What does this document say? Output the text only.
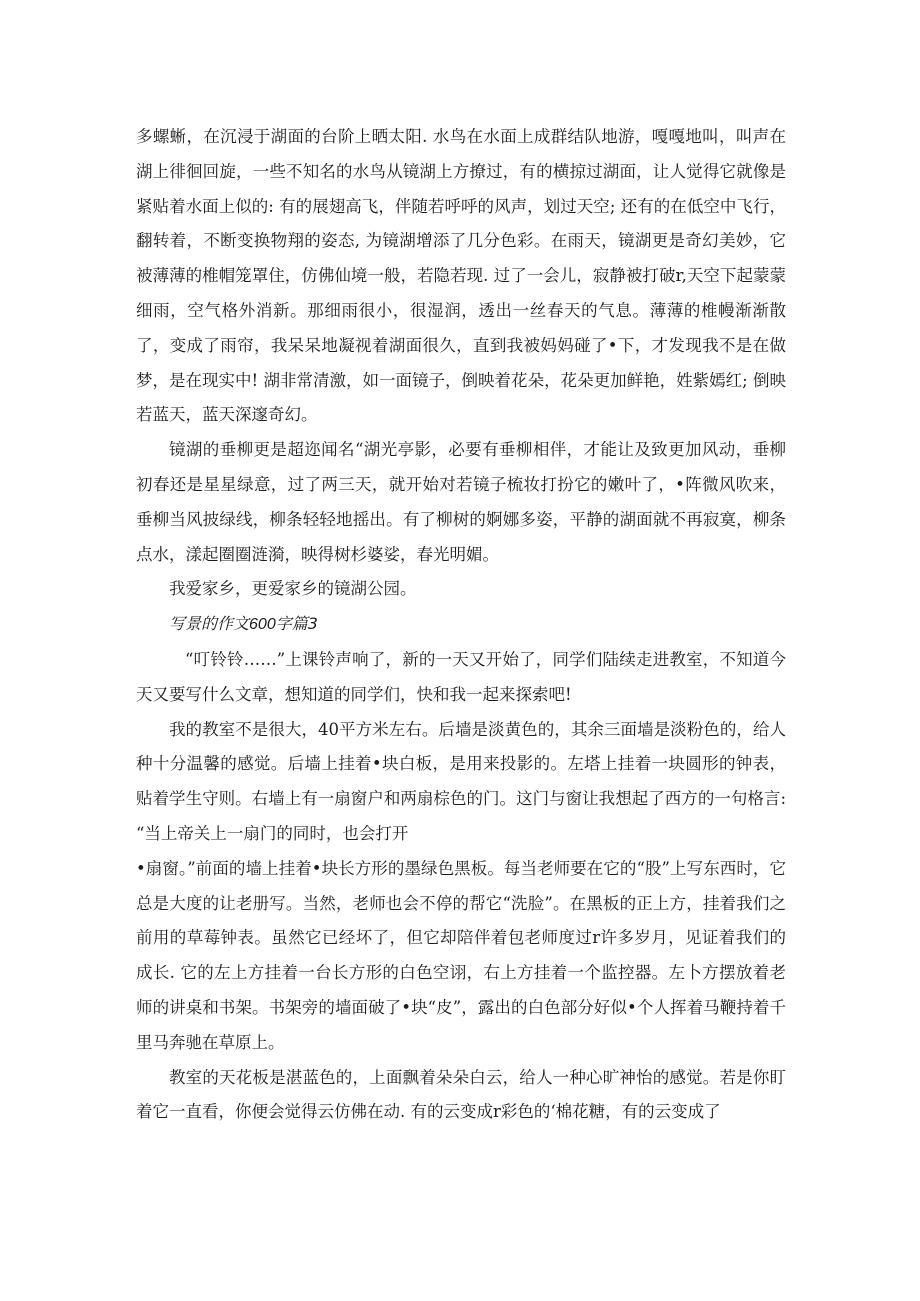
多螺蜥，在沉浸于湖面的台阶上晒太阳. 水鸟在水面上成群结队地游，嘎嘎地叫，叫声在湖上徘徊回旋，一些不知名的水鸟从镜湖上方撩过，有的横掠过湖面，让人觉得它就像是紧贴着水面上似的: 有的展翅高飞，伴随若呼呼的风声，划过天空; 还有的在低空中飞行，翻转着，不断变换物翔的姿态, 为镜湖增添了几分色彩。在雨天，镜湖更是奇幻美妙，它被薄薄的椎帽笼罩住，仿佛仙境一般，若隐若现. 过了一会儿，寂静被打破r,天空下起蒙蒙细雨，空气格外消新。那细雨很小，很湿润，透出一丝春天的气息。薄薄的椎幔渐渐散了，变成了雨帘，我呆呆地凝视着湖面很久，直到我被妈妈碰了•下，才发现我不是在做梦，是在现实中! 湖非常清激，如一面镜子，倒映着花朵，花朵更加鲜艳，姓紫嫣红; 倒映若蓝天，蓝天深邃奇幻。

镜湖的垂柳更是超迩闻名“湖光亭影，必要有垂柳相伴，才能让及致更加风动，垂柳初春还是星星绿意，过了两三天，就开始对若镜子梳妆打扮它的嫩叶了，•阵微风吹来，垂柳当风披绿线，柳条轻轻地摇出。有了柳树的婀娜多姿，平静的湖面就不再寂寞，柳条点水，漾起圈圈涟漪，映得树杉婆娑，春光明媚。

我爱家乡，更爱家乡的镜湖公园。

写景的作文600字篇3

“叮铃铃……”上课铃声响了，新的一天又开始了，同学们陆续走进教室，不知道今天又要写什么文章，想知道的同学们，快和我一起来探索吧!

我的教室不是很大，40平方米左右。后墙是淡黄色的，其余三面墙是淡粉色的，给人种十分温馨的感觉。后墙上挂着•块白板，是用来投影的。左塔上挂着一块圆形的钟表，贴着学生守则。右墙上有一扇窗户和两扇棕色的门。这门与窗让我想起了西方的一句格言: “当上帝关上一扇门的同时，也会打开

•扇窗。”前面的墙上挂着•块长方形的墨绿色黑板。每当老师要在它的“股”上写东西时，它总是大度的让老册写。当然，老师也会不停的帮它“洗脸”。在黑板的正上方，挂着我们之前用的草莓钟表。虽然它已经坏了，但它却陪伴着包老师度过r许多岁月，见证着我们的成长. 它的左上方挂着一台长方形的白色空诩，右上方挂着一个监控器。左卜方摆放着老师的讲桌和书架。书架旁的墙面破了•块“皮”，露出的白色部分好似•个人挥着马鞭持着千里马奔驰在草原上。

教室的天花板是湛蓝色的，上面飘着朵朵白云，给人一种心旷神怡的感觉。若是你盯着它一直看，你便会觉得云仿佛在动. 有的云变成r彩色的‘棉花糖，有的云变成了
